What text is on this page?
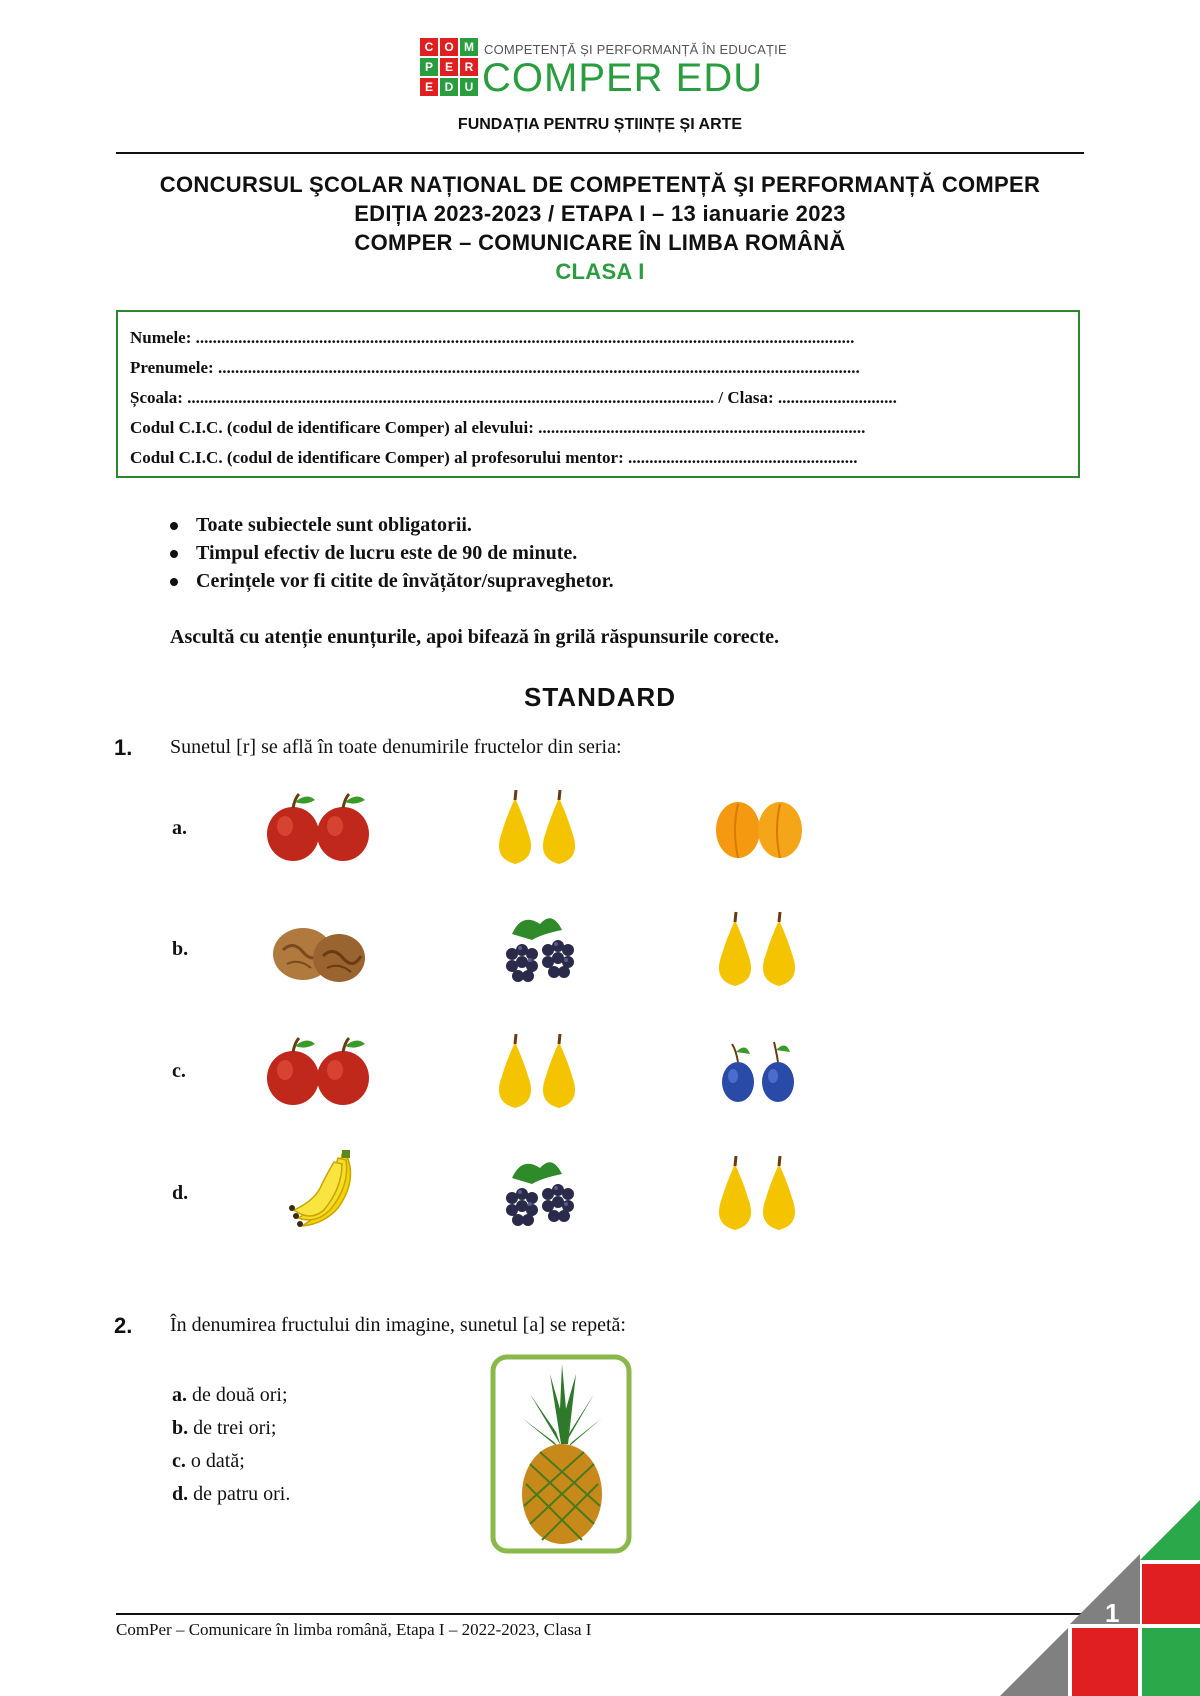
C O M
P E R
E D U
COMPETENȚĂ ȘI PERFORMANȚĂ ÎN EDUCAȚIE
COMPER EDU
FUNDAȚIA PENTRU ȘTIINȚE ȘI ARTE
CONCURSUL ŞCOLAR NAȚIONAL DE COMPETENȚĂ ŞI PERFORMANȚĂ COMPER
EDIȚIA 2023-2023 / ETAPA I – 13 ianuarie 2023
COMPER – COMUNICARE ÎN LIMBA ROMÂNĂ
CLASA I
Numele: ...........................................................................................................................................................
Prenumele: .......................................................................................................................................................
Școala: ............................................................................................................................ / Clasa: ............................
Codul C.I.C. (codul de identificare Comper) al elevului: .............................................................................
Codul C.I.C. (codul de identificare Comper) al profesorului mentor: ......................................................
Toate subiectele sunt obligatorii.
Timpul efectiv de lucru este de 90 de minute.
Cerințele vor fi citite de învățător/supraveghetor.
Ascultă cu atenție enunțurile, apoi bifează în grilă răspunsurile corecte.
STANDARD
1. Sunetul [r] se află în toate denumirile fructelor din seria:
a.
b.
c.
d.
2. În denumirea fructului din imagine, sunetul [a] se repetă:
a. de două ori;
b. de trei ori;
c. o dată;
d. de patru ori.
ComPer – Comunicare în limba română, Etapa I – 2022-2023, Clasa I
1
